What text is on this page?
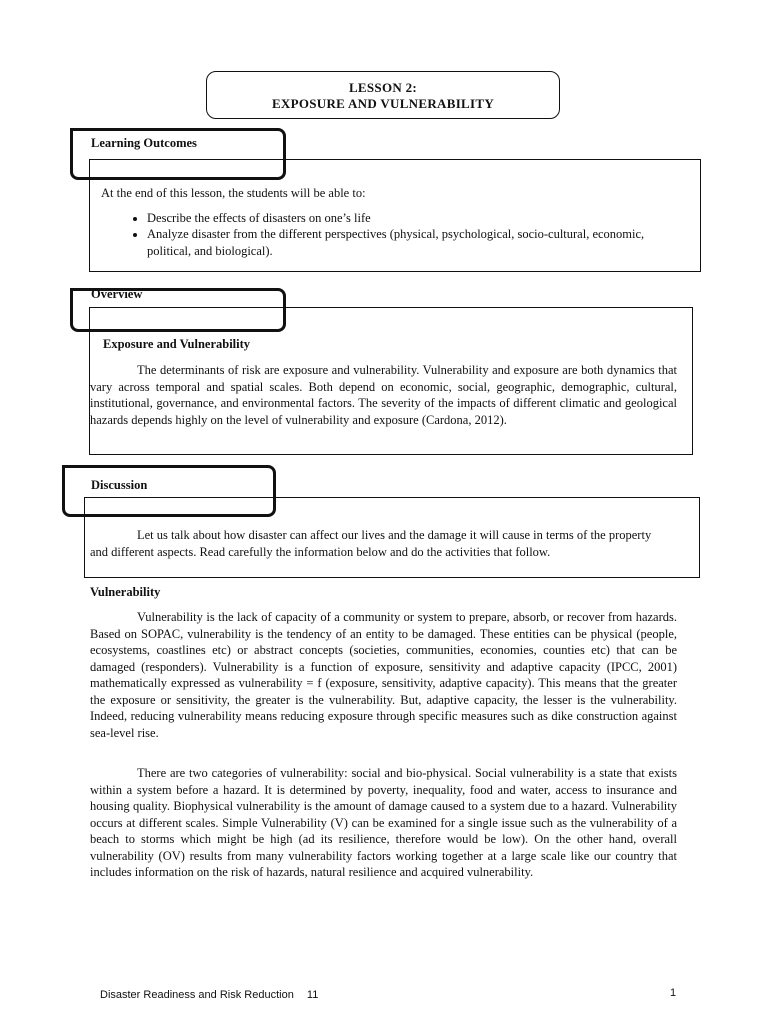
LESSON 2:
EXPOSURE AND VULNERABILITY
Learning Outcomes

At the end of this lesson, the students will be able to:

• Describe the effects of disasters on one’s life
• Analyze disaster from the different perspectives (physical, psychological, socio-cultural, economic, political, and biological).
Overview
Exposure and Vulnerability

The determinants of risk are exposure and vulnerability. Vulnerability and exposure are both dynamics that vary across temporal and spatial scales. Both depend on economic, social, geographic, demographic, cultural, institutional, governance, and environmental factors. The severity of the impacts of different climatic and geological hazards depends highly on the level of vulnerability and exposure (Cardona, 2012).

Discussion

Let us talk about how disaster can affect our lives and the damage it will cause in terms of the property and different aspects. Read carefully the information below and do the activities that follow.

Vulnerability

Vulnerability is the lack of capacity of a community or system to prepare, absorb, or recover from hazards. Based on SOPAC, vulnerability is the tendency of an entity to be damaged. These entities can be physical (people, ecosystems, coastlines etc) or abstract concepts (societies, communities, economies, counties etc) that can be damaged (responders). Vulnerability is a function of exposure, sensitivity and adaptive capacity (IPCC, 2001) mathematically expressed as vulnerability = f (exposure, sensitivity, adaptive capacity). This means that the greater the exposure or sensitivity, the greater is the vulnerability. But, adaptive capacity, the lesser is the vulnerability. Indeed, reducing vulnerability means reducing exposure through specific measures such as dike construction against sea-level rise.

There are two categories of vulnerability: social and bio-physical. Social vulnerability is a state that exists within a system before a hazard. It is determined by poverty, inequality, food and water, access to insurance and housing quality. Biophysical vulnerability is the amount of damage caused to a system due to a hazard. Vulnerability occurs at different scales. Simple Vulnerability (V) can be examined for a single issue such as the vulnerability of a beach to storms which might be high (ad its resilience, therefore would be low). On the other hand, overall vulnerability (OV) results from many vulnerability factors working together at a large scale like our country that includes information on the risk of hazards, natural resilience and acquired vulnerability.

Disaster Readiness and Risk Reduction 11	1
